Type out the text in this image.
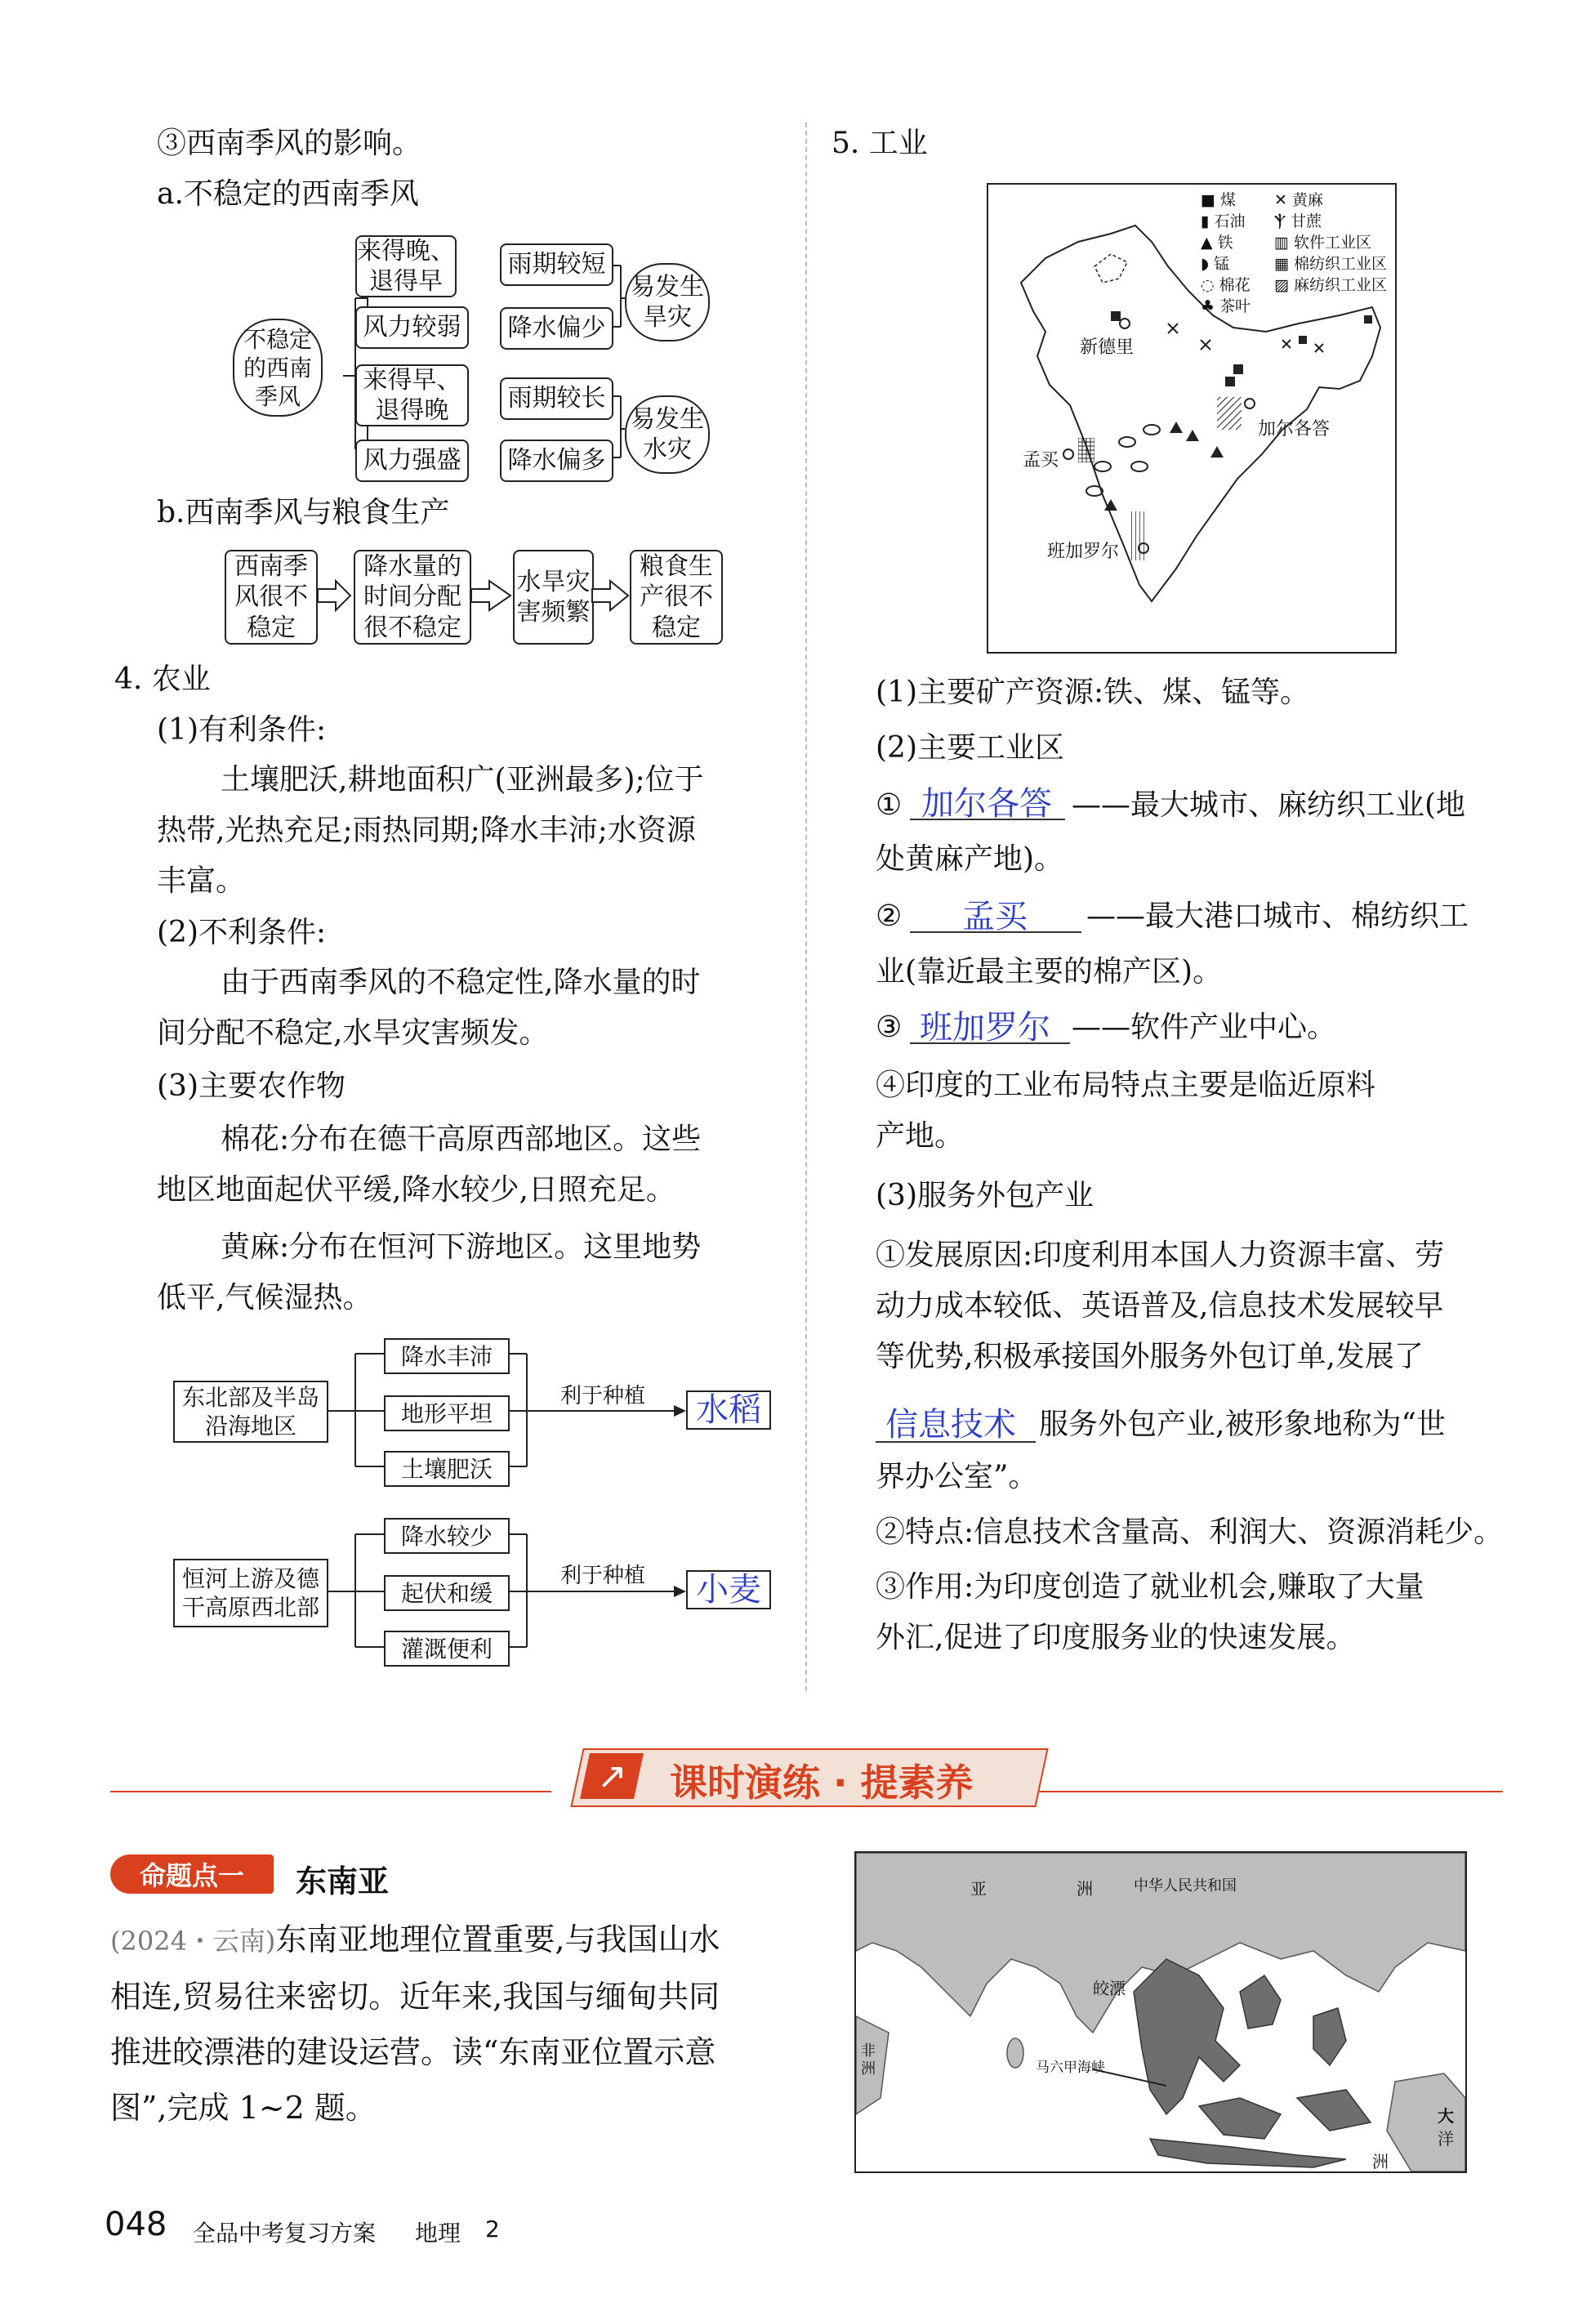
③西南季风的影响。
a.不稳定的西南季风
不稳定的西南季风
来得晚、退得早
风力较弱
雨期较短
降水偏少
易发生旱灾
来得早、退得晚
风力强盛
雨期较长
降水偏多
易发生水灾
b.西南季风与粮食生产
西南季风很不稳定
降水量的时间分配很不稳定
水旱灾害频繁
粮食生产很不稳定
4. 农业
(1)有利条件:
土壤肥沃,耕地面积广(亚洲最多);位于
热带,光热充足;雨热同期;降水丰沛;水资源
丰富。
(2)不利条件:
由于西南季风的不稳定性,降水量的时
间分配不稳定,水旱灾害频发。
(3)主要农作物
棉花:分布在德干高原西部地区。这些
地区地面起伏平缓,降水较少,日照充足。
黄麻:分布在恒河下游地区。这里地势
低平,气候湿热。
东北部及半岛沿海地区
降水丰沛
地形平坦
土壤肥沃
利于种植 水稻
恒河上游及德干高原西北部
降水较少
起伏和缓
灌溉便利
利于种植 小麦
5. 工业
■ 煤	✕ 黄麻
▮ 石油	Ⲯ 甘蔗
▲ 铁	▥ 软件工业区
◗ 锰	▦ 棉纺织工业区
◌ 棉花	▨ 麻纺织工业区
♣ 茶叶
新德里
加尔各答
孟买
班加罗尔
(1)主要矿产资源:铁、煤、锰等。
(2)主要工业区
① 加尔各答 ——最大城市、麻纺织工业(地
处黄麻产地)。
② 孟买 ——最大港口城市、棉纺织工
业(靠近最主要的棉产区)。
③ 班加罗尔 ——软件产业中心。
④印度的工业布局特点主要是临近原料
产地。
(3)服务外包产业
①发展原因:印度利用本国人力资源丰富、劳
动力成本较低、英语普及,信息技术发展较早
等优势,积极承接国外服务外包订单,发展了
信息技术 服务外包产业,被形象地称为“世
界办公室”。
②特点:信息技术含量高、利润大、资源消耗少。
③作用:为印度创造了就业机会,赚取了大量
外汇,促进了印度服务业的快速发展。
↗ 课时演练 · 提素养
命题点一	东南亚
(2024・云南)东南亚地理位置重要,与我国山水
相连,贸易往来密切。近年来,我国与缅甸共同
推进皎漂港的建设运营。读“东南亚位置示意
图”,完成 1~2 题。
亚	洲	中华人民共和国
皎漂
非洲	马六甲海峡
大
洋
洲
048 全品中考复习方案 地理 2
